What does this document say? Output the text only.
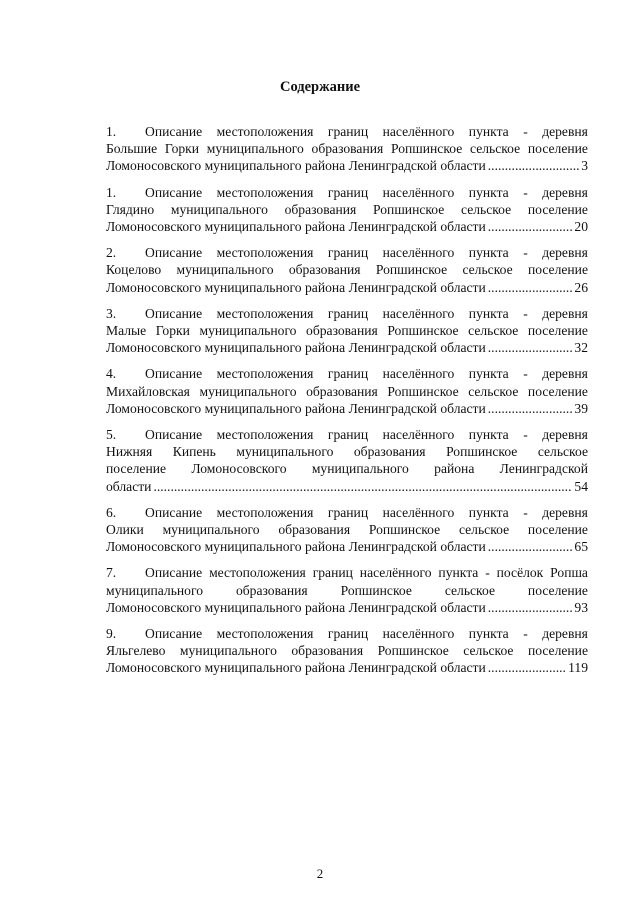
Содержание
1.	Описание местоположения границ населённого пункта - деревня
Большие Горки муниципального образования Ропшинское сельское поселение
Ломоносовского муниципального района Ленинградской области .....	3
1.	Описание местоположения границ населённого пункта - деревня
Глядино муниципального образования Ропшинское сельское поселение
Ломоносовского муниципального района Ленинградской области .....	20
2.	Описание местоположения границ населённого пункта - деревня
Коцелово муниципального образования Ропшинское сельское поселение
Ломоносовского муниципального района Ленинградской области .....	26
3.	Описание местоположения границ населённого пункта - деревня
Малые Горки муниципального образования Ропшинское сельское поселение
Ломоносовского муниципального района Ленинградской области .....	32
4.	Описание местоположения границ населённого пункта - деревня
Михайловская муниципального образования Ропшинское сельское поселение
Ломоносовского муниципального района Ленинградской области .....	39
5.	Описание местоположения границ населённого пункта - деревня
Нижняя Кипень муниципального образования Ропшинское сельское
поселение Ломоносовского муниципального района Ленинградской
области .....	54
6.	Описание местоположения границ населённого пункта - деревня
Олики муниципального образования Ропшинское сельское поселение
Ломоносовского муниципального района Ленинградской области .....	65
7.	Описание местоположения границ населённого пункта - посёлок Ропша
муниципального образования Ропшинское сельское поселение
Ломоносовского муниципального района Ленинградской области .....	93
9.	Описание местоположения границ населённого пункта - деревня
Яльгелево муниципального образования Ропшинское сельское поселение
Ломоносовского муниципального района Ленинградской области .....	119
2
